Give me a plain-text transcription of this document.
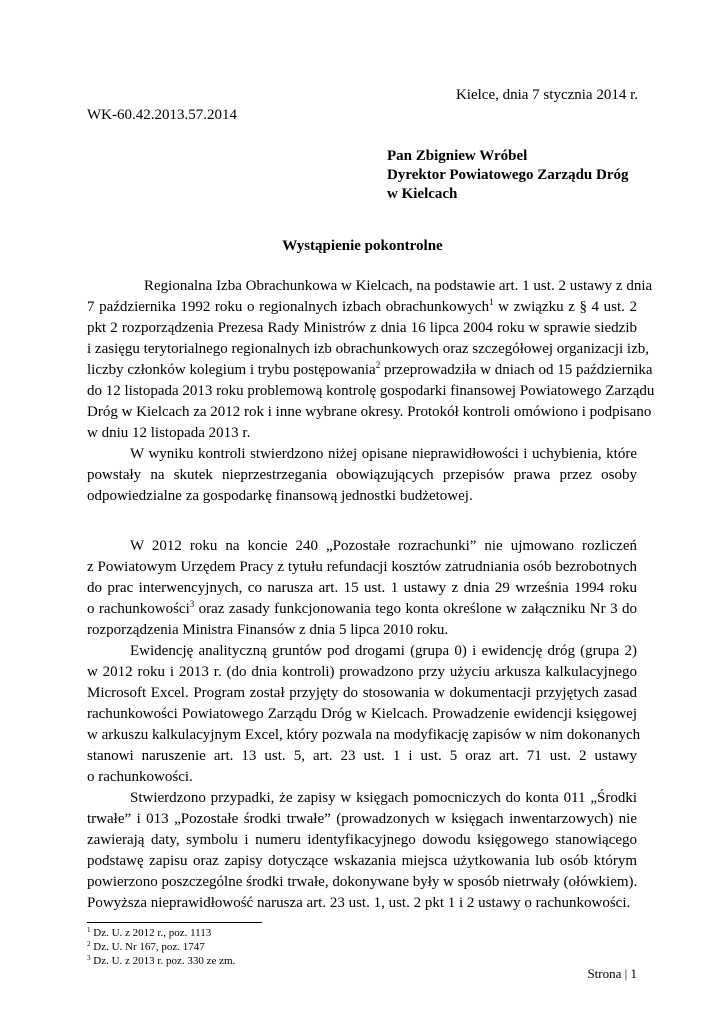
Kielce, dnia 7 stycznia 2014 r.
WK-60.42.2013.57.2014
Pan Zbigniew Wróbel
Dyrektor Powiatowego Zarządu Dróg
w Kielcach
Wystąpienie pokontrolne
Regionalna Izba Obrachunkowa w Kielcach, na podstawie art. 1 ust. 2 ustawy z dnia
7 października 1992 roku o regionalnych izbach obrachunkowych$^1$ w związku z § 4 ust. 2
pkt 2 rozporządzenia Prezesa Rady Ministrów z dnia 16 lipca 2004 roku w sprawie siedzib
i zasięgu terytorialnego regionalnych izb obrachunkowych oraz szczegółowej organizacji izb,
liczby członków kolegium i trybu postępowania$^2$ przeprowadziła w dniach od 15 października
do 12 listopada 2013 roku problemową kontrolę gospodarki finansowej Powiatowego Zarządu
Dróg w Kielcach za 2012 rok i inne wybrane okresy. Protokół kontroli omówiono i podpisano
w dniu 12 listopada 2013 r.
W wyniku kontroli stwierdzono niżej opisane nieprawidłowości i uchybienia, które
powstały na skutek nieprzestrzegania obowiązujących przepisów prawa przez osoby
odpowiedzialne za gospodarkę finansową jednostki budżetowej.
W 2012 roku na koncie 240 „Pozostałe rozrachunki” nie ujmowano rozliczeń
z Powiatowym Urzędem Pracy z tytułu refundacji kosztów zatrudniania osób bezrobotnych
do prac interwencyjnych, co narusza art. 15 ust. 1 ustawy z dnia 29 września 1994 roku
o rachunkowości$^3$ oraz zasady funkcjonowania tego konta określone w załączniku Nr 3 do
rozporządzenia Ministra Finansów z dnia 5 lipca 2010 roku.
Ewidencję analityczną gruntów pod drogami (grupa 0) i ewidencję dróg (grupa 2)
w 2012 roku i 2013 r. (do dnia kontroli) prowadzono przy użyciu arkusza kalkulacyjnego
Microsoft Excel. Program został przyjęty do stosowania w dokumentacji przyjętych zasad
rachunkowości Powiatowego Zarządu Dróg w Kielcach. Prowadzenie ewidencji księgowej
w arkuszu kalkulacyjnym Excel, który pozwala na modyfikację zapisów w nim dokonanych
stanowi naruszenie art. 13 ust. 5, art. 23 ust. 1 i ust. 5 oraz art. 71 ust. 2 ustawy
o rachunkowości.
Stwierdzono przypadki, że zapisy w księgach pomocniczych do konta 011 „Środki
trwałe” i 013 „Pozostałe środki trwałe” (prowadzonych w księgach inwentarzowych) nie
zawierają daty, symbolu i numeru identyfikacyjnego dowodu księgowego stanowiącego
podstawę zapisu oraz zapisy dotyczące wskazania miejsca użytkowania lub osób którym
powierzono poszczególne środki trwałe, dokonywane były w sposób nietrwały (ołówkiem).
Powyższa nieprawidłowość narusza art. 23 ust. 1, ust. 2 pkt 1 i 2 ustawy o rachunkowości.
$^1$ Dz. U. z 2012 r., poz. 1113
$^2$ Dz. U. Nr 167, poz. 1747
$^3$ Dz. U. z 2013 r. poz. 330 ze zm.
Strona | 1
